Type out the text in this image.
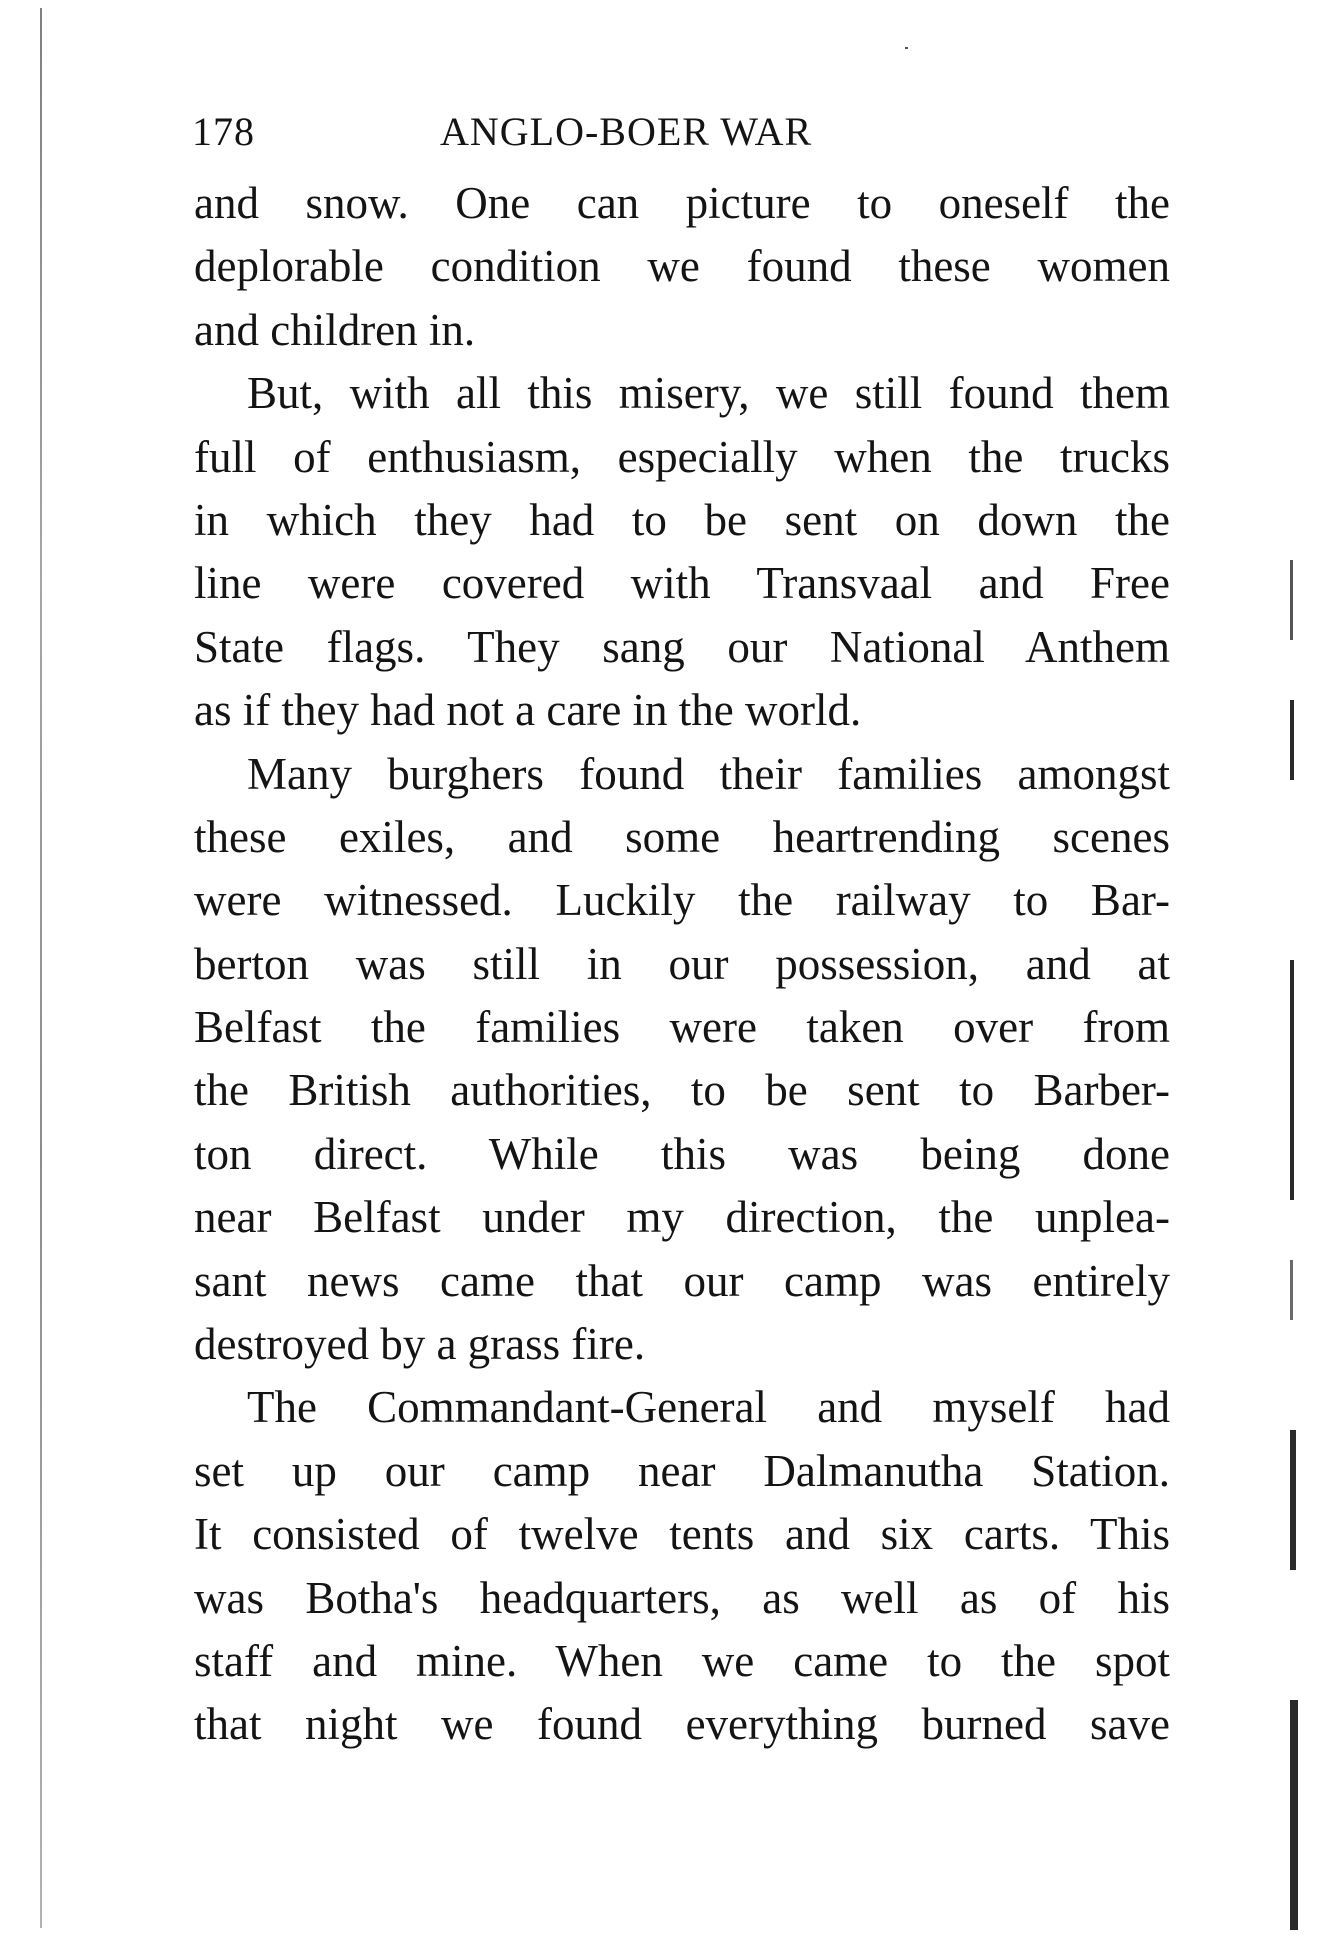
178	ANGLO-BOER WAR
and snow. One can picture to oneself the
deplorable condition we found these women
and children in.
But, with all this misery, we still found them
full of enthusiasm, especially when the trucks
in which they had to be sent on down the
line were covered with Transvaal and Free
State flags. They sang our National Anthem
as if they had not a care in the world.
Many burghers found their families amongst
these exiles, and some heartrending scenes
were witnessed. Luckily the railway to Bar-
berton was still in our possession, and at
Belfast the families were taken over from
the British authorities, to be sent to Barber-
ton direct. While this was being done
near Belfast under my direction, the unplea-
sant news came that our camp was entirely
destroyed by a grass fire.
The Commandant-General and myself had
set up our camp near Dalmanutha Station.
It consisted of twelve tents and six carts. This
was Botha's headquarters, as well as of his
staff and mine. When we came to the spot
that night we found everything burned save
